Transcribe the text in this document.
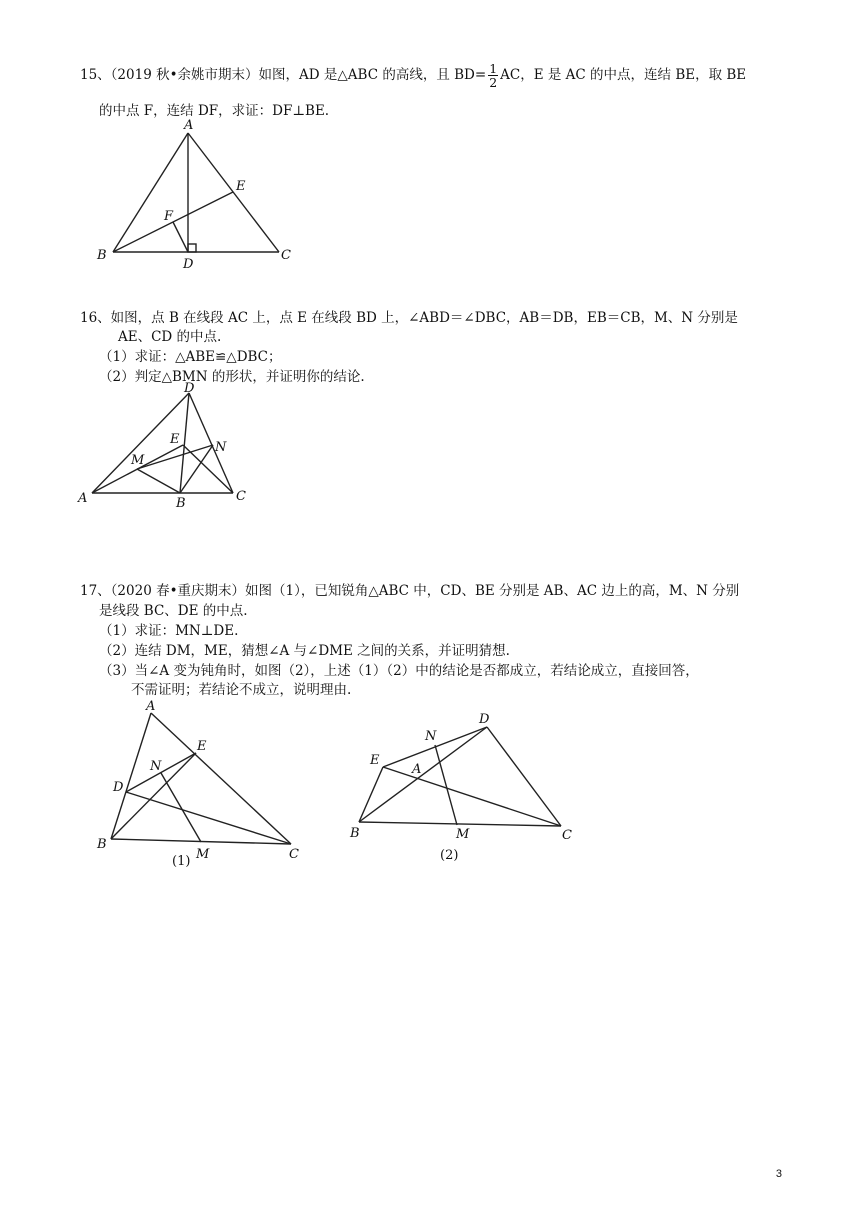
15、（2019 秋•余姚市期末）如图，AD 是△ABC 的高线，且 $BD= \frac{1}{2}$ AC，E 是 AC 的中点，连结 BE，取 BE
的中点 F，连结 DF，求证：DF⊥BE.
A
B	C
D
E
F
16、如图，点 B 在线段 AC 上，点 E 在线段 BD 上，∠ABD＝∠DBC，AB＝DB，EB＝CB，M、N 分别是
AE、CD 的中点.
（1）求证：△ABE≌△DBC；
（2）判定△BMN 的形状，并证明你的结论.
D
E
N
M
A	B	C
17、（2020 春•重庆期末）如图（1），已知锐角△ABC 中，CD、BE 分别是 AB、AC 边上的高，M、N 分别
是线段 BC、DE 的中点.
（1）求证：MN⊥DE.
（2）连结 DM，ME，猜想∠A 与∠DME 之间的关系，并证明猜想.
（3）当∠A 变为钝角时，如图（2），上述（1）（2）中的结论是否都成立，若结论成立，直接回答，
不需证明；若结论不成立，说明理由.
A
E
N
D
B
M	C
(1)
D
N
E
A
B	M	C
(2)
3
